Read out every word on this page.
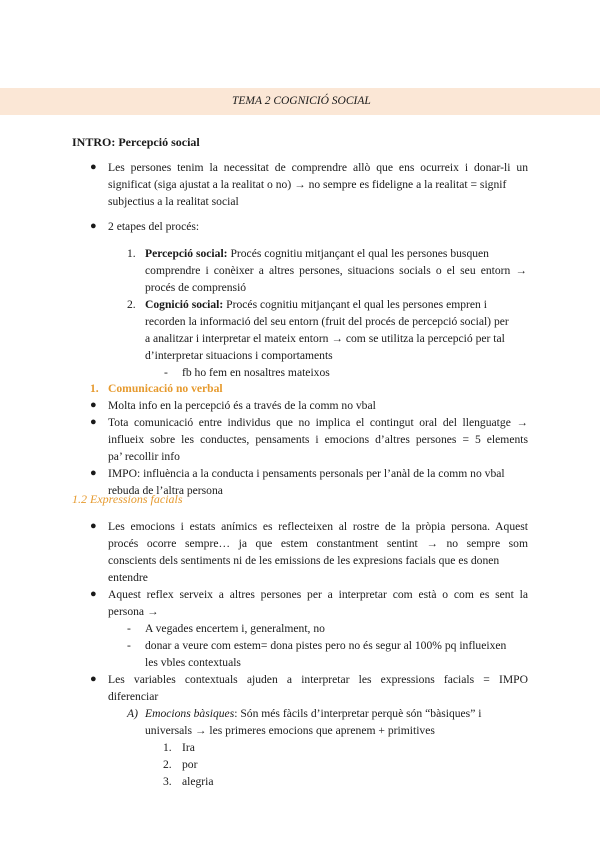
TEMA 2 COGNICIÓ SOCIAL
INTRO: Percepció social
● Les persones tenim la necessitat de comprendre allò que ens ocurreix i donar-li un
significat (siga ajustat a la realitat o no) → no sempre es fideligne a la realitat = signif
subjectius a la realitat social
● 2 etapes del procés:
1. Percepció social: Procés cognitiu mitjançant el qual les persones busquen
comprendre i conèixer a altres persones, situacions socials o el seu entorn →
procés de comprensió
2. Cognició social: Procés cognitiu mitjançant el qual les persones empren i
recorden la informació del seu entorn (fruit del procés de percepció social) per
a analitzar i interpretar el mateix entorn → com se utilitza la percepció per tal
d’interpretar situacions i comportaments
- fb ho fem en nosaltres mateixos
1. Comunicació no verbal
● Molta info en la percepció és a través de la comm no vbal
● Tota comunicació entre individus que no implica el contingut oral del llenguatge →
influeix sobre les conductes, pensaments i emocions d’altres persones = 5 elements
pa’ recollir info
● IMPO: influència a la conducta i pensaments personals per l’anàl de la comm no vbal
rebuda de l’altra persona
1.2 Expressions facials
● Les emocions i estats anímics es reflecteixen al rostre de la pròpia persona. Aquest
procés ocorre sempre… ja que estem constantment sentint → no sempre som
conscients dels sentiments ni de les emissions de les expresions facials que es donen
entendre
● Aquest reflex serveix a altres persones per a interpretar com està o com es sent la
persona →
- A vegades encertem i, generalment, no
- donar a veure com estem= dona pistes pero no és segur al 100% pq influeixen
les vbles contextuals
● Les variables contextuals ajuden a interpretar les expressions facials = IMPO
diferenciar
A) Emocions bàsiques: Són més fàcils d’interpretar perquè són “bàsiques” i
universals → les primeres emocions que aprenem + primitives
1. Ira
2. por
3. alegria
